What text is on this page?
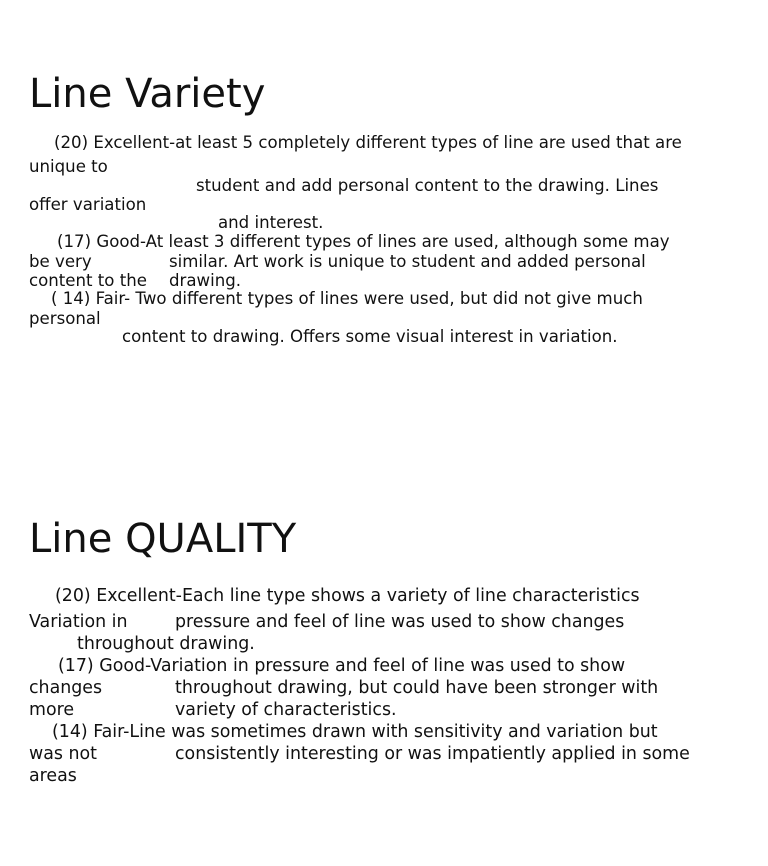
Line Variety

(20) Excellent-at least 5 completely different types of line are used that are

unique to

student and add personal content to the drawing. Lines

offer variation

and interest.

(17) Good-At least 3 different types of lines are used, although some may

be very	similar. Art work is unique to student and added personal

content to the drawing.

( 14) Fair- Two different types of lines were used, but did not give much

personal

content to drawing. Offers some visual interest in variation.

Line QUALITY

(20) Excellent-Each line type shows a variety of line characteristics

Variation in	pressure and feel of line was used to show changes

throughout drawing.

(17) Good-Variation in pressure and feel of line was used to show

changes	throughout drawing, but could have been stronger with

more	variety of characteristics.

(14) Fair-Line was sometimes drawn with sensitivity and variation but

was not	consistently interesting or was impatiently applied in some

areas
